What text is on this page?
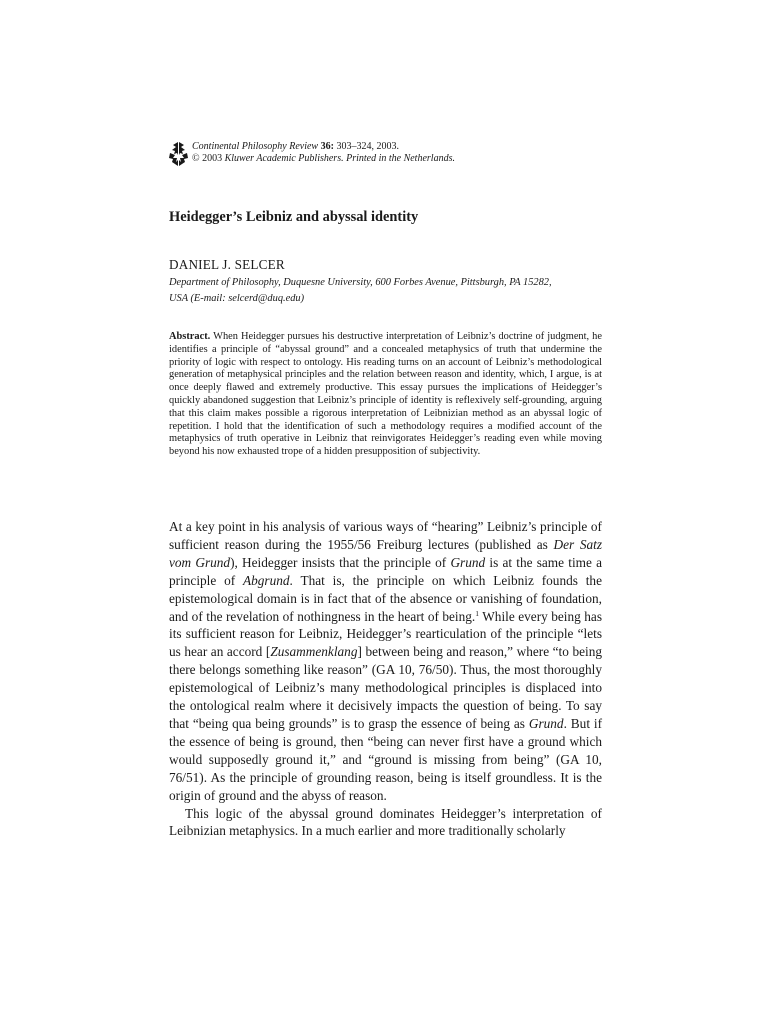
Continental Philosophy Review 36: 303–324, 2003.
© 2003 Kluwer Academic Publishers. Printed in the Netherlands.
Heidegger’s Leibniz and abyssal identity
DANIEL J. SELCER
Department of Philosophy, Duquesne University, 600 Forbes Avenue, Pittsburgh, PA 15282,
USA (E-mail: selcerd@duq.edu)
Abstract. When Heidegger pursues his destructive interpretation of Leibniz’s doctrine of judgment, he identifies a principle of “abyssal ground” and a concealed metaphysics of truth that undermine the priority of logic with respect to ontology. His reading turns on an account of Leibniz’s methodological generation of metaphysical principles and the relation between reason and identity, which, I argue, is at once deeply flawed and extremely productive. This essay pursues the implications of Heidegger’s quickly abandoned suggestion that Leibniz’s principle of identity is reflexively self-grounding, arguing that this claim makes possible a rigorous interpretation of Leibnizian method as an abyssal logic of repetition. I hold that the identification of such a methodology requires a modified account of the metaphysics of truth operative in Leibniz that reinvigorates Heidegger’s reading even while moving beyond his now exhausted trope of a hidden presupposition of subjectivity.

At a key point in his analysis of various ways of “hearing” Leibniz’s principle of sufficient reason during the 1955/56 Freiburg lectures (published as Der Satz vom Grund), Heidegger insists that the principle of Grund is at the same time a principle of Abgrund. That is, the principle on which Leibniz founds the epistemological domain is in fact that of the absence or vanishing of foundation, and of the revelation of nothingness in the heart of being.$^1$ While every being has its sufficient reason for Leibniz, Heidegger’s rearticulation of the principle “lets us hear an accord [Zusammenklang] between being and reason,” where “to being there belongs something like reason” (GA 10, 76/50). Thus, the most thoroughly epistemological of Leibniz’s many methodological principles is displaced into the ontological realm where it decisively impacts the question of being. To say that “being qua being grounds” is to grasp the essence of being as Grund. But if the essence of being is ground, then “being can never first have a ground which would supposedly ground it,” and “ground is missing from being” (GA 10, 76/51). As the principle of grounding reason, being is itself groundless. It is the origin of ground and the abyss of reason.

This logic of the abyssal ground dominates Heidegger’s interpretation of Leibnizian metaphysics. In a much earlier and more traditionally scholarly
